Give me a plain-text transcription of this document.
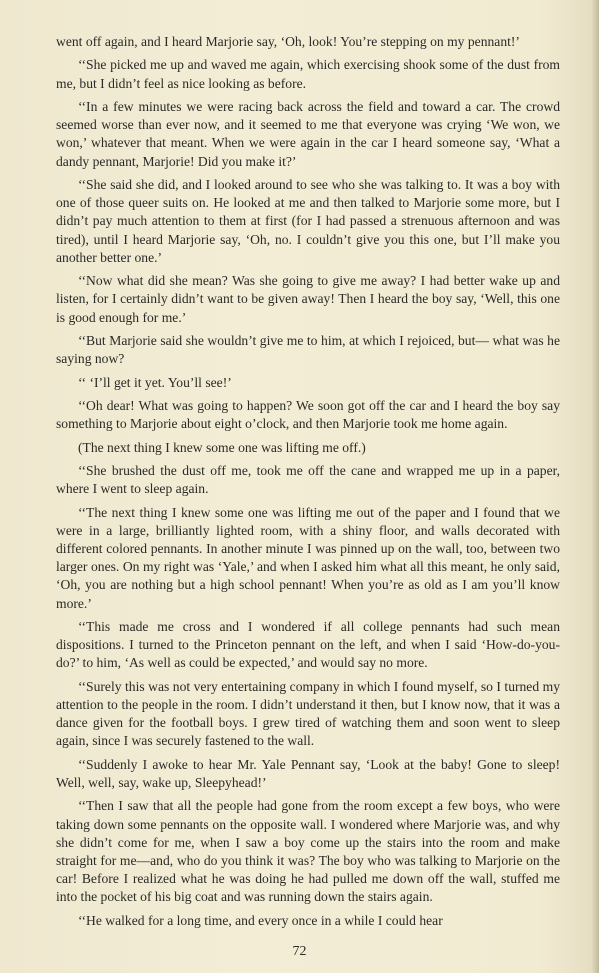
went off again, and I heard Marjorie say, ‘Oh, look! You’re stepping on my pennant!’

‘‘She picked me up and waved me again, which exercising shook some of the dust from me, but I didn’t feel as nice looking as before.

‘‘In a few minutes we were racing back across the field and toward a car. The crowd seemed worse than ever now, and it seemed to me that everyone was crying ‘We won, we won,’ whatever that meant. When we were again in the car I heard someone say, ‘What a dandy pennant, Marjorie! Did you make it?’

‘‘She said she did, and I looked around to see who she was talking to. It was a boy with one of those queer suits on. He looked at me and then talked to Marjorie some more, but I didn’t pay much attention to them at first (for I had passed a strenuous afternoon and was tired), until I heard Marjorie say, ‘Oh, no. I couldn’t give you this one, but I’ll make you another better one.’

‘‘Now what did she mean? Was she going to give me away? I had better wake up and listen, for I certainly didn’t want to be given away! Then I heard the boy say, ‘Well, this one is good enough for me.’

‘‘But Marjorie said she wouldn’t give me to him, at which I rejoiced, but— what was he saying now?

‘‘ ‘I’ll get it yet. You’ll see!’

‘‘Oh dear! What was going to happen? We soon got off the car and I heard the boy say something to Marjorie about eight o’clock, and then Marjorie took me home again.

(The next thing I knew some one was lifting me off.)

‘‘She brushed the dust off me, took me off the cane and wrapped me up in a paper, where I went to sleep again.

‘‘The next thing I knew some one was lifting me out of the paper and I found that we were in a large, brilliantly lighted room, with a shiny floor, and walls decorated with different colored pennants. In another minute I was pinned up on the wall, too, between two larger ones. On my right was ‘Yale,’ and when I asked him what all this meant, he only said, ‘Oh, you are nothing but a high school pennant! When you’re as old as I am you’ll know more.’

‘‘This made me cross and I wondered if all college pennants had such mean dispositions. I turned to the Princeton pennant on the left, and when I said ‘How-do-you-do?’ to him, ‘As well as could be expected,’ and would say no more.

‘‘Surely this was not very entertaining company in which I found myself, so I turned my attention to the people in the room. I didn’t understand it then, but I know now, that it was a dance given for the football boys. I grew tired of watching them and soon went to sleep again, since I was securely fastened to the wall.

‘‘Suddenly I awoke to hear Mr. Yale Pennant say, ‘Look at the baby! Gone to sleep! Well, well, say, wake up, Sleepyhead!’

‘‘Then I saw that all the people had gone from the room except a few boys, who were taking down some pennants on the opposite wall. I wondered where Marjorie was, and why she didn’t come for me, when I saw a boy come up the stairs into the room and make straight for me—and, who do you think it was? The boy who was talking to Marjorie on the car! Before I realized what he was doing he had pulled me down off the wall, stuffed me into the pocket of his big coat and was running down the stairs again.

‘‘He walked for a long time, and every once in a while I could hear

72
